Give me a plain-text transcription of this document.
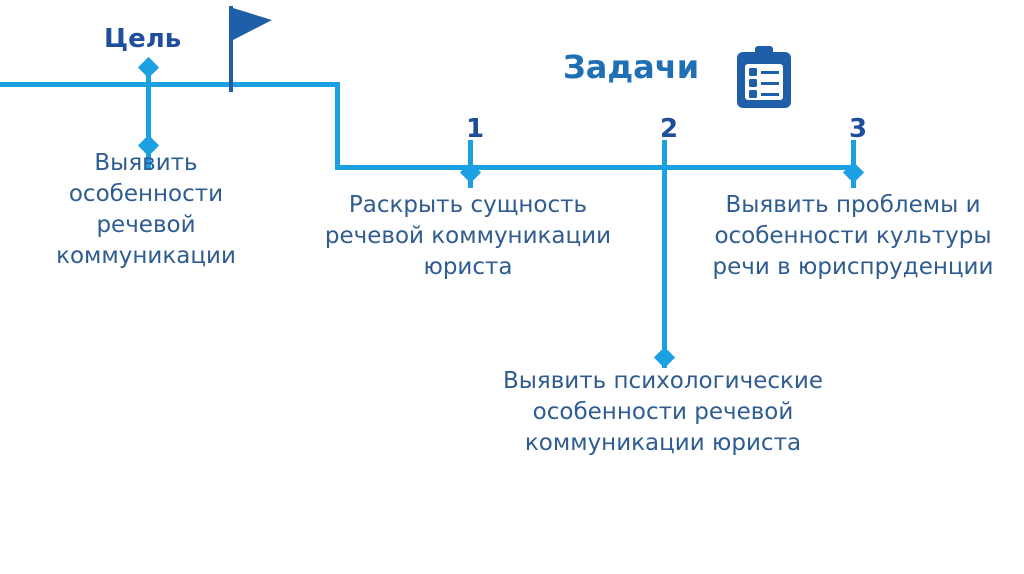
Цель
Задачи
Выявить особенности речевой коммуникации
1	2	3
Раскрыть сущность речевой коммуникации юриста
Выявить психологические особенности речевой коммуникации юриста
Выявить проблемы и особенности культуры речи в юриспруденции
